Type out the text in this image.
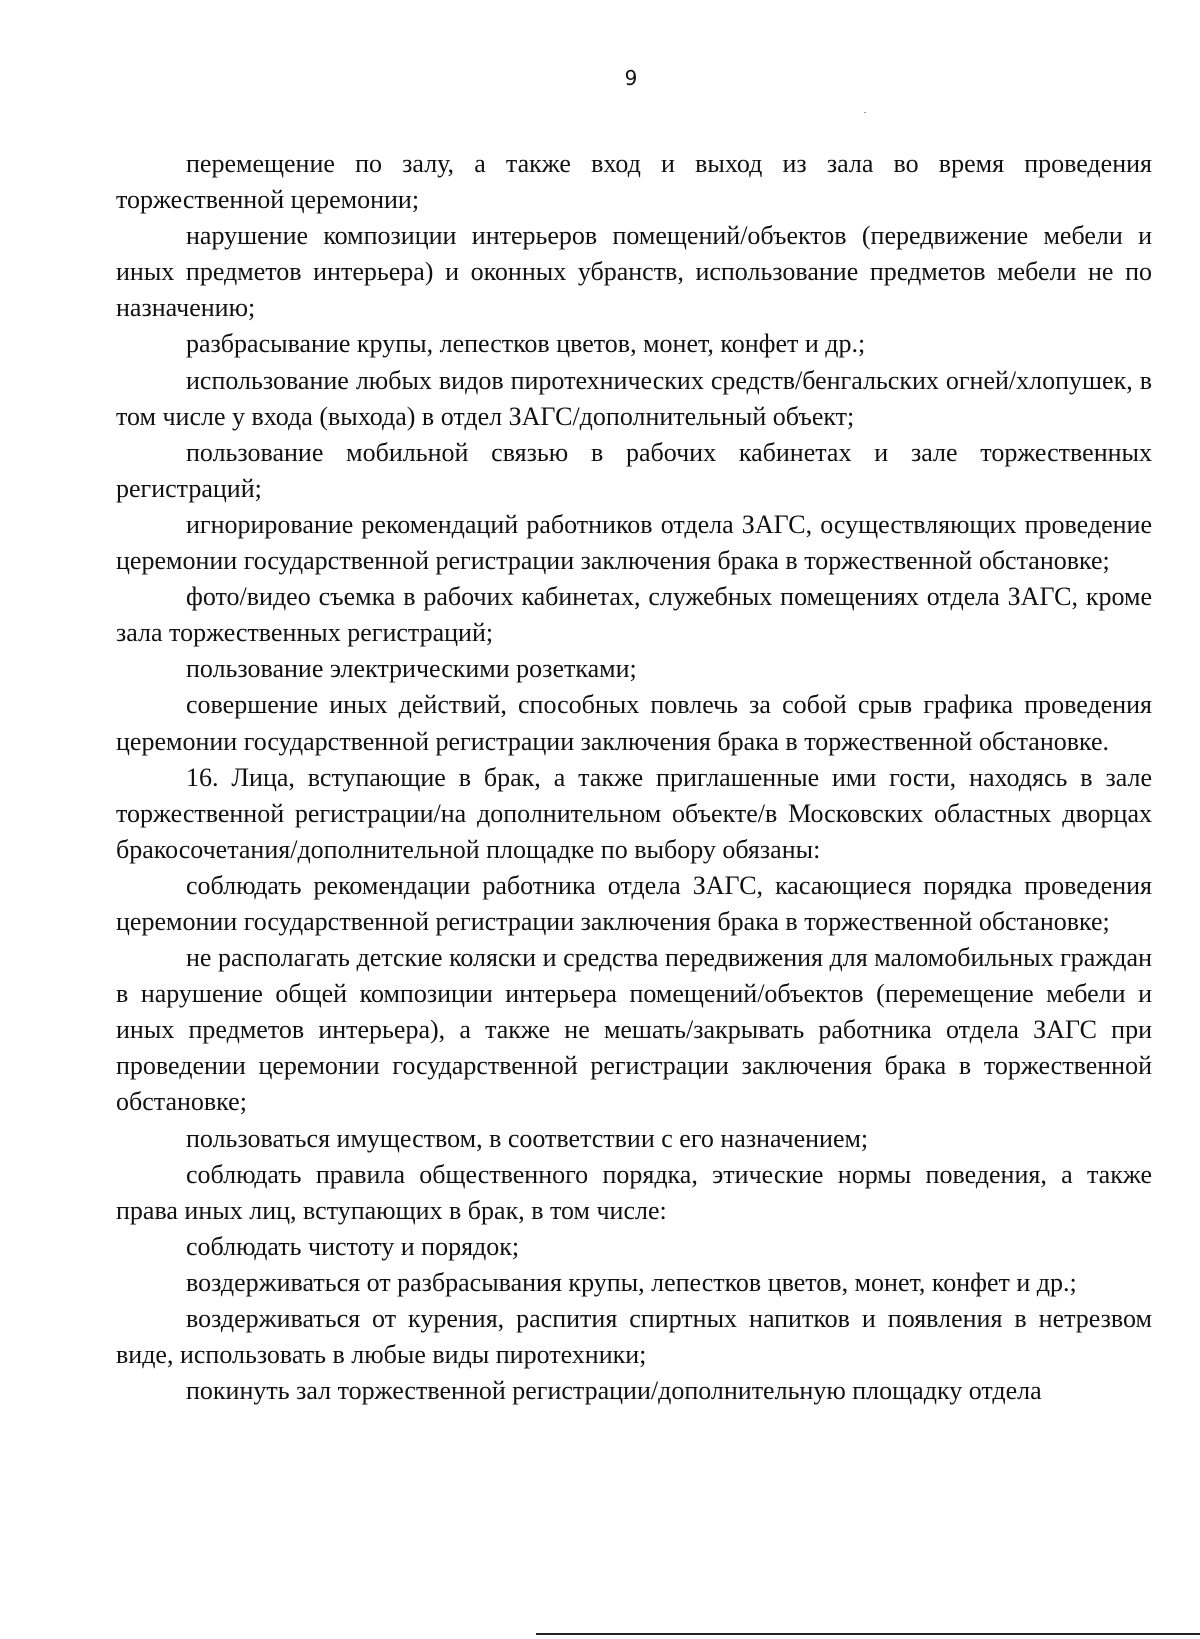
9

перемещение по залу, а также вход и выход из зала во время проведения торжественной церемонии;

нарушение композиции интерьеров помещений/объектов (передвижение мебели и иных предметов интерьера) и оконных убранств, использование предметов мебели не по назначению;

разбрасывание крупы, лепестков цветов, монет, конфет и др.;

использование любых видов пиротехнических средств/бенгальских огней/хлопушек, в том числе у входа (выхода) в отдел ЗАГС/дополнительный объект;

пользование мобильной связью в рабочих кабинетах и зале торжественных регистраций;

игнорирование рекомендаций работников отдела ЗАГС, осуществляющих проведение церемонии государственной регистрации заключения брака в торжественной обстановке;

фото/видео съемка в рабочих кабинетах, служебных помещениях отдела ЗАГС, кроме зала торжественных регистраций;

пользование электрическими розетками;

совершение иных действий, способных повлечь за собой срыв графика проведения церемонии государственной регистрации заключения брака в торжественной обстановке.

16. Лица, вступающие в брак, а также приглашенные ими гости, находясь в зале торжественной регистрации/на дополнительном объекте/в Московских областных дворцах бракосочетания/дополнительной площадке по выбору обязаны:

соблюдать рекомендации работника отдела ЗАГС, касающиеся порядка проведения церемонии государственной регистрации заключения брака в торжественной обстановке;

не располагать детские коляски и средства передвижения для маломобильных граждан в нарушение общей композиции интерьера помещений/объектов (перемещение мебели и иных предметов интерьера), а также не мешать/закрывать работника отдела ЗАГС при проведении церемонии государственной регистрации заключения брака в торжественной обстановке;

пользоваться имуществом, в соответствии с его назначением;

соблюдать правила общественного порядка, этические нормы поведения, а также права иных лиц, вступающих в брак, в том числе:

соблюдать чистоту и порядок;

воздерживаться от разбрасывания крупы, лепестков цветов, монет, конфет и др.;

воздерживаться от курения, распития спиртных напитков и появления в нетрезвом виде, использовать в любые виды пиротехники;

покинуть зал торжественной регистрации/дополнительную площадку отдела
